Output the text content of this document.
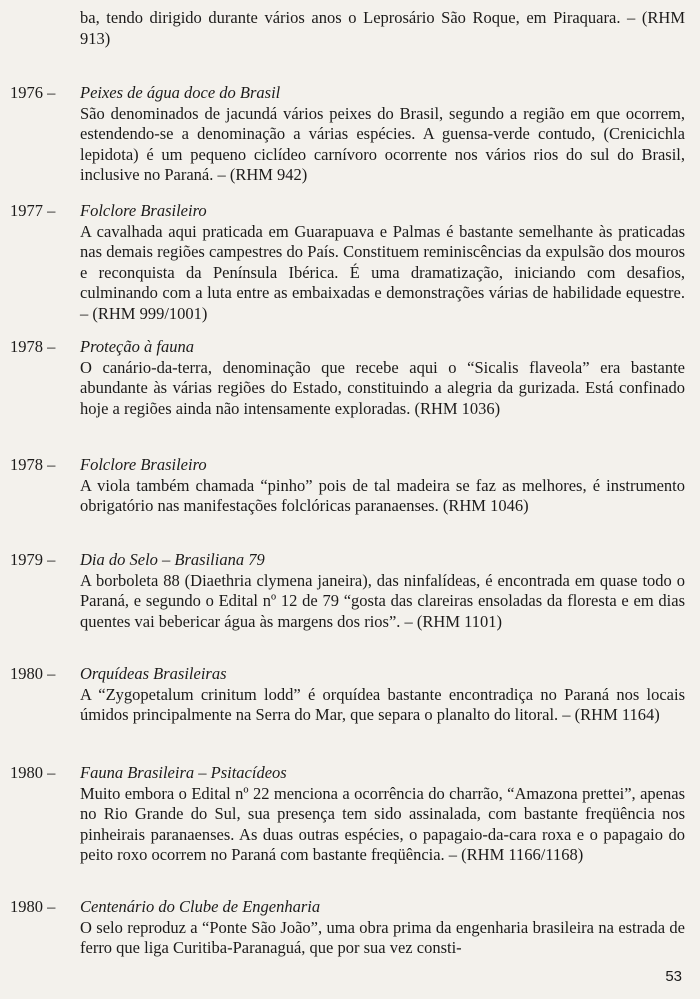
ba, tendo dirigido durante vários anos o Leprosário São Roque, em Piraquara. – (RHM 913)
1976 –	Peixes de água doce do Brasil
São denominados de jacundá vários peixes do Brasil, segundo a região em que ocorrem, estendendo-se a denominação a várias espécies. A guensa-verde contudo, (Crenicichla lepidota) é um pequeno ciclídeo carnívoro ocorrente nos vários rios do sul do Brasil, inclusive no Paraná. – (RHM 942)
1977 –	Folclore Brasileiro
A cavalhada aqui praticada em Guarapuava e Palmas é bastante semelhante às praticadas nas demais regiões campestres do País. Constituem reminiscências da expulsão dos mouros e reconquista da Península Ibérica. É uma dramatização, iniciando com desafios, culminando com a luta entre as embaixadas e demonstrações várias de habilidade equestre. – (RHM 999/1001)
1978 –	Proteção à fauna
O canário-da-terra, denominação que recebe aqui o “Sicalis flaveola” era bastante abundante às várias regiões do Estado, constituindo a alegria da gurizada. Está confinado hoje a regiões ainda não intensamente exploradas. (RHM 1036)
1978 –	Folclore Brasileiro
A viola também chamada “pinho” pois de tal madeira se faz as melhores, é instrumento obrigatório nas manifestações folclóricas paranaenses. (RHM 1046)
1979 –	Dia do Selo – Brasiliana 79
A borboleta 88 (Diaethria clymena janeira), das ninfalídeas, é encontrada em quase todo o Paraná, e segundo o Edital nº 12 de 79 “gosta das clareiras ensoladas da floresta e em dias quentes vai bebericar água às margens dos rios”. – (RHM 1101)
1980 –	Orquídeas Brasileiras
A “Zygopetalum crinitum lodd” é orquídea bastante encontradiça no Paraná nos locais úmidos principalmente na Serra do Mar, que separa o planalto do litoral. – (RHM 1164)
1980 –	Fauna Brasileira – Psitacídeos
Muito embora o Edital nº 22 menciona a ocorrência do charrão, “Amazona prettei”, apenas no Rio Grande do Sul, sua presença tem sido assinalada, com bastante freqüência nos pinheirais paranaenses. As duas outras espécies, o papagaio-da-cara roxa e o papagaio do peito roxo ocorrem no Paraná com bastante freqüência. – (RHM 1166/1168)
1980 –	Centenário do Clube de Engenharia
O selo reproduz a “Ponte São João”, uma obra prima da engenharia brasileira na estrada de ferro que liga Curitiba-Paranaguá, que por sua vez consti-
53
